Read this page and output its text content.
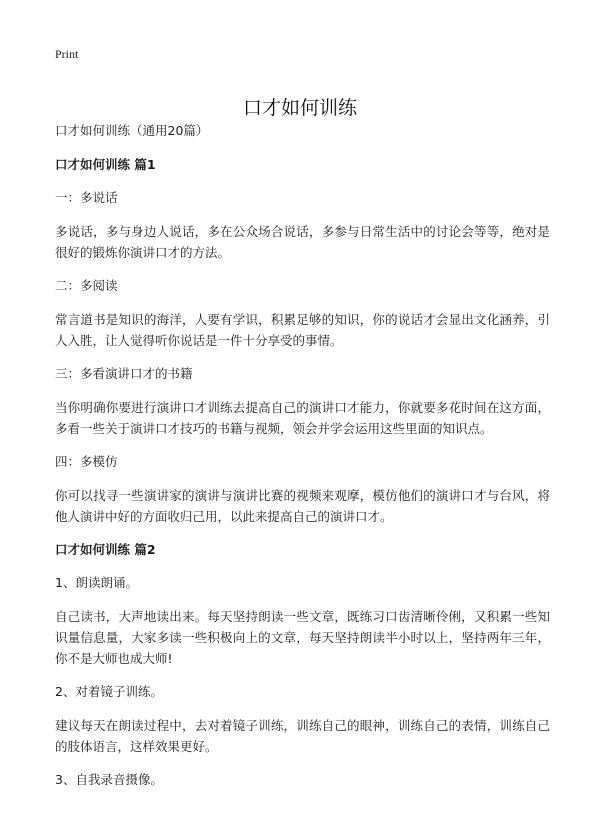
Print
口才如何训练

口才如何训练（通用20篇）

口才如何训练 篇1

一：多说话

多说话，多与身边人说话，多在公众场合说话，多参与日常生活中的讨论会等等，绝对是很好的锻炼你演讲口才的方法。

二：多阅读

常言道书是知识的海洋，人要有学识，积累足够的知识，你的说话才会显出文化涵养，引人入胜，让人觉得听你说话是一件十分享受的事情。

三：多看演讲口才的书籍

当你明确你要进行演讲口才训练去提高自己的演讲口才能力，你就要多花时间在这方面，多看一些关于演讲口才技巧的书籍与视频，领会并学会运用这些里面的知识点。

四：多模仿

你可以找寻一些演讲家的演讲与演讲比赛的视频来观摩，模仿他们的演讲口才与台风，将他人演讲中好的方面收归己用，以此来提高自己的演讲口才。

口才如何训练 篇2

1、朗读朗诵。

自己读书，大声地读出来。每天坚持朗读一些文章，既练习口齿清晰伶俐，又积累一些知识量信息量，大家多读一些积极向上的文章，每天坚持朗读半小时以上，坚持两年三年，你不是大师也成大师!

2、对着镜子训练。

建议每天在朗读过程中，去对着镜子训练，训练自己的眼神，训练自己的表情，训练自己的肢体语言，这样效果更好。

3、自我录音摄像。
